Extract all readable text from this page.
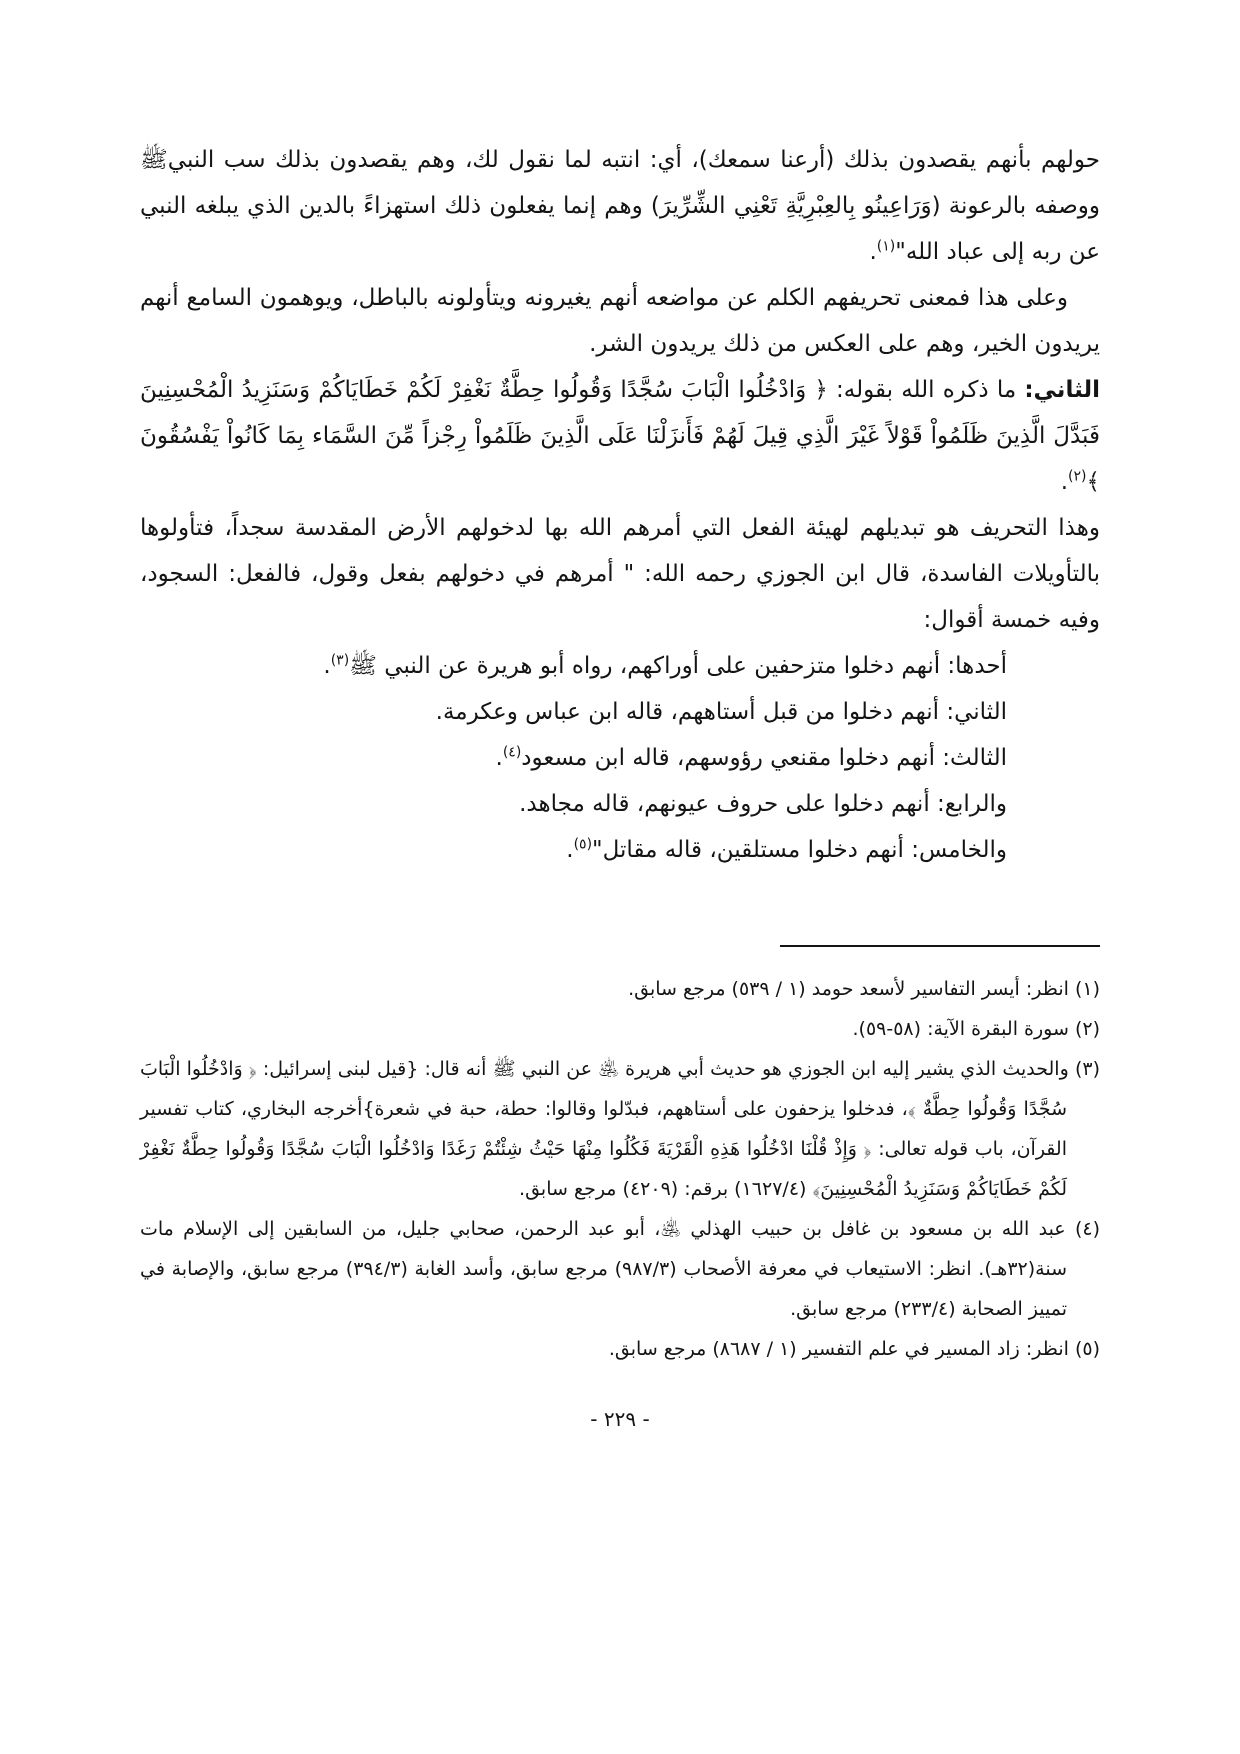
حولهم بأنهم يقصدون بذلك (أرعنا سمعك)، أي: انتبه لما نقول لك، وهم يقصدون بذلك سب النبيﷺ ووصفه بالرعونة (وَرَاعِينُو بِالعِبْرِيَّةِ تَعْنِي الشِّرِّيرَ) وهم إنما يفعلون ذلك استهزاءً بالدين الذي يبلغه النبي عن ربه إلى عباد الله"$^{(١)}$.

وعلى هذا فمعنى تحريفهم الكلم عن مواضعه أنهم يغيرونه ويتأولونه بالباطل، ويوهمون السامع أنهم يريدون الخير، وهم على العكس من ذلك يريدون الشر.

الثاني: ما ذكره الله بقوله: ﴿ وَادْخُلُوا الْبَابَ سُجَّدًا وَقُولُوا حِطَّةٌ نَغْفِرْ لَكُمْ خَطَايَاكُمْ وَسَنَزِيدُ الْمُحْسِنِينَ فَبَدَّلَ الَّذِينَ ظَلَمُواْ قَوْلاً غَيْرَ الَّذِي قِيلَ لَهُمْ فَأَنزَلْنَا عَلَى الَّذِينَ ظَلَمُواْ رِجْزاً مِّنَ السَّمَاء بِمَا كَانُواْ يَفْسُقُونَ ﴾$^{(٢)}$.

وهذا التحريف هو تبديلهم لهيئة الفعل التي أمرهم الله بها لدخولهم الأرض المقدسة سجداً، فتأولوها بالتأويلات الفاسدة، قال ابن الجوزي رحمه الله: " أمرهم في دخولهم بفعل وقول، فالفعل: السجود، وفيه خمسة أقوال:

أحدها: أنهم دخلوا متزحفين على أوراكهم، رواه أبو هريرة عن النبي ﷺ$^{(٣)}$.

الثاني: أنهم دخلوا من قبل أستاههم، قاله ابن عباس وعكرمة.

الثالث: أنهم دخلوا مقنعي رؤوسهم، قاله ابن مسعود$^{(٤)}$.

والرابع: أنهم دخلوا على حروف عيونهم، قاله مجاهد.

والخامس: أنهم دخلوا مستلقين، قاله مقاتل"$^{(٥)}$.

(١) انظر: أيسر التفاسير لأسعد حومد (١ / ٥٣٩) مرجع سابق.

(٢) سورة البقرة الآية: (٥٨-٥٩).

(٣) والحديث الذي يشير إليه ابن الجوزي هو حديث أبي هريرة ﵁ عن النبي ﷺ أنه قال: {قيل لبنى إسرائيل: ﴿ وَادْخُلُوا الْبَابَ سُجَّدًا وَقُولُوا حِطَّةٌ ﴾، فدخلوا يزحفون على أستاههم، فبدّلوا وقالوا: حطة، حبة في شعرة}أخرجه البخاري، كتاب تفسير القرآن، باب قوله تعالى: ﴿ وَإِذْ قُلْنَا ادْخُلُوا هَذِهِ الْقَرْيَةَ فَكُلُوا مِنْهَا حَيْثُ شِئْتُمْ رَغَدًا وَادْخُلُوا الْبَابَ سُجَّدًا وَقُولُوا حِطَّةٌ نَغْفِرْ لَكُمْ خَطَايَاكُمْ وَسَنَزِيدُ الْمُحْسِنِينَ﴾ (١٦٢٧/٤) برقم: (٤٢٠٩) مرجع سابق.

(٤) عبد الله بن مسعود بن غافل بن حبيب الهذلي ﵁، أبو عبد الرحمن، صحابي جليل، من السابقين إلى الإسلام مات سنة(٣٢هـ). انظر: الاستيعاب في معرفة الأصحاب (٩٨٧/٣) مرجع سابق، وأسد الغابة (٣٩٤/٣) مرجع سابق، والإصابة في تمييز الصحابة (٢٣٣/٤) مرجع سابق.

(٥) انظر: زاد المسير في علم التفسير (١ / ٨٦٨٧) مرجع سابق.

- ٢٢٩ -
